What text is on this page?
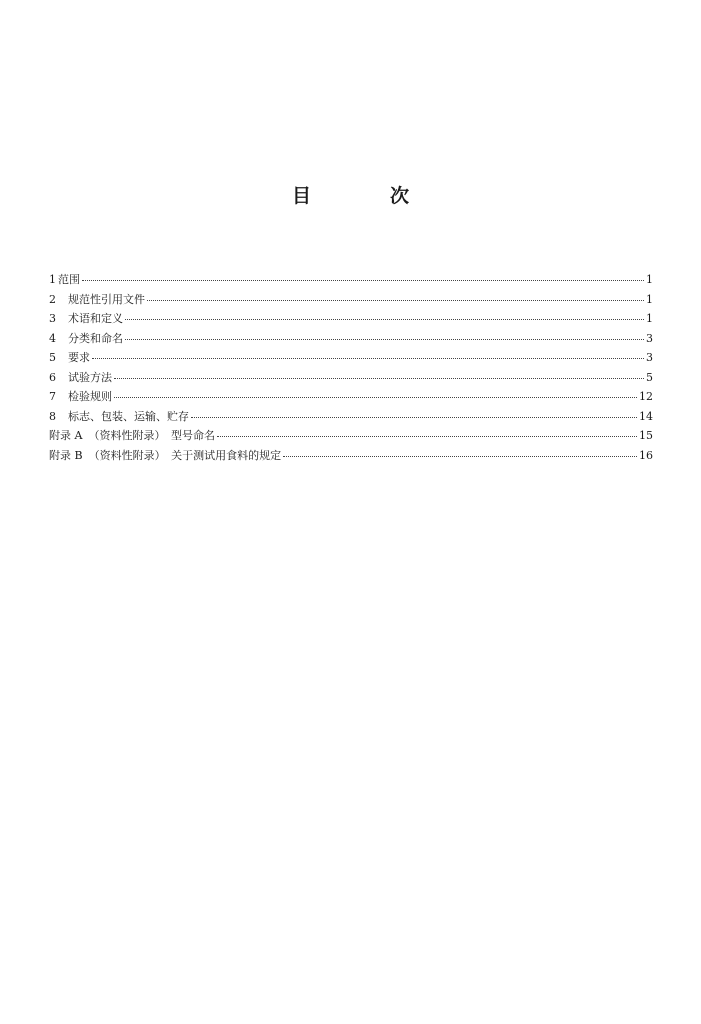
目　次
1 范围	1
2	规范性引用文件	1
3	术语和定义	1
4	分类和命名	3
5	要求	3
6	试验方法	5
7	检验规则	12
8	标志、包装、运输、贮存	14
附录 A （资料性附录）　型号命名	15
附录 B （资料性附录）　关于测试用食料的规定	16
